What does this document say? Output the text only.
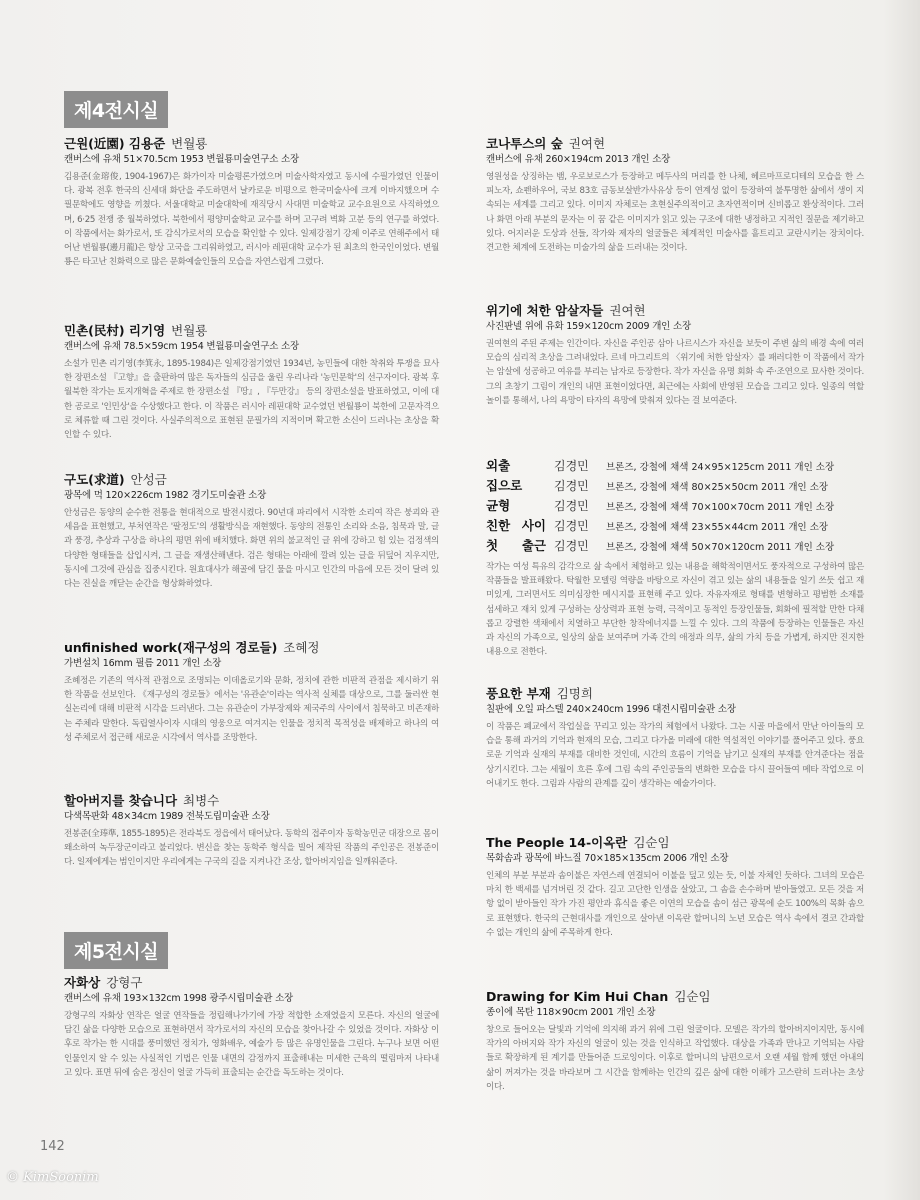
제4전시실
제5전시실
근원(近園) 김용준 변월룡
캔버스에 유채 51×70.5cm 1953 변월룡미술연구소 소장
김용준(金瑢俊, 1904-1967)은 화가이자 미술평론가였으며 미술사학자였고 동시에 수필가였던 인물이다. 광복 전후 한국의 신세대 화단을 주도하면서 날카로운 비평으로 한국미술사에 크게 이바지했으며 수필문학에도 영향을 끼쳤다. 서울대학교 미술대학에 재직당시 사대면 미술학교 교수요원으로 사직하였으며, 6·25 전쟁 중 월북하였다. 북한에서 평양미술학교 교수를 하며 고구려 벽화 고분 등의 연구를 하였다. 이 작품에서는 화가로서, 또 감식가로서의 모습을 확인할 수 있다. 일제강점기 강제 이주로 연해주에서 태어난 변월룡(邊月龍)은 항상 고국을 그리워하였고, 러시아 레핀대학 교수가 된 최초의 한국인이었다. 변월룡은 타고난 친화력으로 많은 문화예술인들의 모습을 자연스럽게 그렸다.
민촌(民村) 리기영 변월룡
캔버스에 유채 78.5×59cm 1954 변월룡미술연구소 소장
소설가 민촌 리기영(李箕永, 1895-1984)은 일제강점기였던 1934년, 농민들에 대한 착취와 투쟁을 묘사한 장편소설 『고향』을 출판하여 많은 독자들의 심금을 울린 우리나라 '농민문학'의 선구자이다. 광복 후 월북한 작가는 토지개혁을 주제로 한 장편소설 『땅』, 『두만강』 등의 장편소설을 발표하였고, 이에 대한 공로로 '인민상'을 수상했다고 한다. 이 작품은 러시아 레핀대학 교수였던 변월룡이 북한에 고문자격으로 체류할 때 그린 것이다. 사실주의적으로 표현된 문필가의 지적이며 확고한 소신이 드러나는 초상을 확인할 수 있다.
구도(求道) 안성금
광목에 먹 120×226cm 1982 경기도미술관 소장
안성금은 동양의 순수한 전통을 현대적으로 발전시켰다. 90년대 파리에서 시작한 소리여 작은 붕괴와 관세음을 표현했고, 부처연작은 '팔정도'의 생활방식을 재현했다. 동양의 전통인 소리와 소음, 침묵과 말, 글과 풍경, 추상과 구상을 하나의 평면 위에 배치했다. 화면 위의 불교적인 글 위에 강하고 힘 있는 검정색의 다양한 형태들을 삽입시켜, 그 글을 재생산해낸다. 검은 형태는 아래에 깔려 있는 글을 뒤덮어 지우지만, 동시에 그것에 관심을 집중시킨다. 원효대사가 해골에 담긴 물을 마시고 인간의 마음에 모든 것이 달려 있다는 진실을 깨닫는 순간을 형상화하였다.
unfinished work(재구성의 경로들) 조혜정
가변설치 16mm 필름 2011 개인 소장
조혜정은 기존의 역사적 관점으로 조명되는 이데올로기와 문화, 정치에 관한 비판적 관점을 제시하기 위한 작품을 선보인다. 《재구성의 경로들》에서는 '유관순'이라는 역사적 실체를 대상으로, 그를 둘러싼 현실논리에 대해 비판적 시각을 드러낸다. 그는 유관순이 가부장제와 제국주의 사이에서 침묵하고 비존재하는 주체라 말한다. 독립열사이자 시대의 영웅으로 여겨지는 인물을 정치적 목적성을 배제하고 하나의 여성 주체로서 접근해 새로운 시각에서 역사를 조망한다.
할아버지를 찾습니다 최병수
다색목판화 48×34cm 1989 전북도립미술관 소장
전봉준(全琫準, 1855-1895)은 전라북도 정읍에서 태어났다. 동학의 접주이자 동학농민군 대장으로 몸이 왜소하여 녹두장군이라고 불리었다. 변신을 찾는 동학주 형식을 빌어 제작된 작품의 주인공은 전봉준이다. 일제에게는 범인이지만 우리에게는 구국의 길을 지켜나간 조상, 할아버지임을 일깨워준다.
자화상 강형구
캔버스에 유채 193×132cm 1998 광주시립미술관 소장
강형구의 자화상 연작은 얼굴 연작들을 정립해나가기에 가장 적합한 소재였을지 모른다. 자신의 얼굴에 담긴 삶을 다양한 모습으로 표현하면서 작가로서의 자신의 모습을 찾아나갈 수 있었을 것이다. 자화상 이후로 작가는 한 시대를 풍미했던 정치가, 영화배우, 예술가 등 많은 유명인물을 그린다. 누구나 보면 어떤 인물인지 알 수 있는 사실적인 기법은 인물 내면의 감정까지 표출해내는 미세한 근육의 떨림마저 나타내고 있다. 표면 뒤에 숨은 정신이 얼굴 가득히 표출되는 순간을 독도하는 것이다.
코나투스의 숲 권여현
캔버스에 유채 260×194cm 2013 개인 소장
영원성을 상징하는 뱀, 우로보로스가 등장하고 메두사의 머리를 한 나체, 헤르마프로디테의 모습을 한 스피노자, 쇼펜하우어, 국보 83호 금동보살반가사유상 등이 연계성 없이 등장하여 불투명한 삶에서 생이 지속되는 세계를 그리고 있다. 이미지 자체로는 초현실주의적이고 초자연적이며 신비롭고 환상적이다. 그러나 화면 아래 부분의 문자는 이 꿈 같은 이미지가 읽고 있는 구조에 대한 냉정하고 지적인 질문을 제기하고 있다. 어지러운 도상과 선들, 작가와 제자의 얼굴들은 체계적인 미술사를 흩트리고 교란시키는 장치이다. 견고한 체계에 도전하는 미술가의 삶을 드러내는 것이다.
위기에 처한 암살자들 권여현
사진판넬 위에 유화 159×120cm 2009 개인 소장
권여현의 주된 주제는 인간이다. 자신을 주인공 삼아 나르시스가 자신을 보듯이 주변 삶의 배경 속에 여러 모습의 심리적 초상을 그려내었다. 르네 마그리트의 〈위기에 처한 암살자〉를 패러디한 이 작품에서 작가는 암살에 성공하고 여유를 부리는 남자로 등장한다. 작가 자신을 유명 회화 속 주·조연으로 묘사한 것이다. 그의 초창기 그림이 개인의 내면 표현이었다면, 최근에는 사회에 반영된 모습을 그리고 있다. 일종의 역할놀이를 통해서, 나의 욕망이 타자의 욕망에 맞춰져 있다는 걸 보여준다.
외출	김경민	브론즈, 강철에 채색 24×95×125cm 2011 개인 소장
집으로	김경민	브론즈, 강철에 채색 80×25×50cm 2011 개인 소장
균형	김경민	브론즈, 강철에 채색 70×100×70cm 2011 개인 소장
친한 사이 김경민	브론즈, 강철에 채색 23×55×44cm 2011 개인 소장
첫 출근 김경민	브론즈, 강철에 채색 50×70×120cm 2011 개인 소장
작가는 여성 특유의 감각으로 삶 속에서 체험하고 있는 내용을 해학적이면서도 풍자적으로 구성하여 많은 작품들을 발표해왔다. 탁월한 모델링 역량을 바탕으로 자신이 겪고 있는 삶의 내용들을 일기 쓰듯 쉽고 재미있게, 그러면서도 의미심장한 메시지를 표현해 주고 있다. 자유자재로 형태를 변형하고 평범한 소재를 섬세하고 재치 있게 구성하는 상상력과 표현 능력, 극적이고 동적인 등장인물들, 회화에 필적할 만한 다채롭고 강렬한 색채에서 치열하고 부단한 창작에너지를 느낄 수 있다. 그의 작품에 등장하는 인물들은 자신과 자신의 가족으로, 일상의 삶을 보여주며 가족 간의 애정과 의무, 삶의 가치 등을 가볍게, 하지만 진지한 내용으로 전한다.
풍요한 부재 김명희
칠판에 오일 파스텔 240×240cm 1996 대전시립미술관 소장
이 작품은 폐교에서 작업실을 꾸리고 있는 작가의 체험에서 나왔다. 그는 시골 마을에서 만난 아이들의 모습을 통해 과거의 기억과 현재의 모습, 그리고 다가올 미래에 대한 역설적인 이야기를 풀어주고 있다. 풍요로운 기억과 실재의 부재를 대비한 것인데, 시간의 흐름이 기억을 남기고 실재의 부재를 안겨준다는 점을 상기시킨다. 그는 세월이 흐른 후에 그림 속의 주인공들의 변화한 모습을 다시 끌어들여 메타 작업으로 이어내기도 한다. 그림과 사람의 관계를 깊이 생각하는 예술가이다.
The People 14-이옥란 김순임
목화솜과 광목에 바느질 70×185×135cm 2006 개인 소장
인체의 부분 부분과 솜이불은 자연스레 연결되어 이불을 덮고 있는 듯, 이불 자체인 듯하다. 그녀의 모습은 마치 한 백세를 넘겨버린 것 같다. 길고 고단한 인생을 살았고, 그 솜을 손수하며 받아들였고. 모든 것을 저항 없이 받아들인 작가 가진 평안과 휴식을 좋은 이연의 모습을 솜이 섬근 광목에 순도 100%의 목화 솜으로 표현했다. 한국의 근현대사를 개인으로 살아낸 이옥란 할머니의 노년 모습은 역사 속에서 결코 간과할 수 없는 개인의 삶에 주목하게 한다.
Drawing for Kim Hui Chan 김순임
종이에 목탄 118×90cm 2001 개인 소장
창으로 들어오는 달빛과 기억에 의지해 과거 위에 그린 얼굴이다. 모델은 작가의 할아버지이지만, 동시에 작가의 아버지와 작가 자신의 얼굴이 있는 것을 인식하고 작업했다. 대상을 가족과 만나고 기억되는 사람들로 확장하게 된 계기를 만들어준 드로잉이다. 이후로 할머니의 남편으로서 오랜 세월 함께 했던 아내의 삶이 꺼져가는 것을 바라보며 그 시간을 함께하는 인간의 깊은 삶에 대한 이해가 고스란히 드러나는 초상이다.
142
© KimSoonim
